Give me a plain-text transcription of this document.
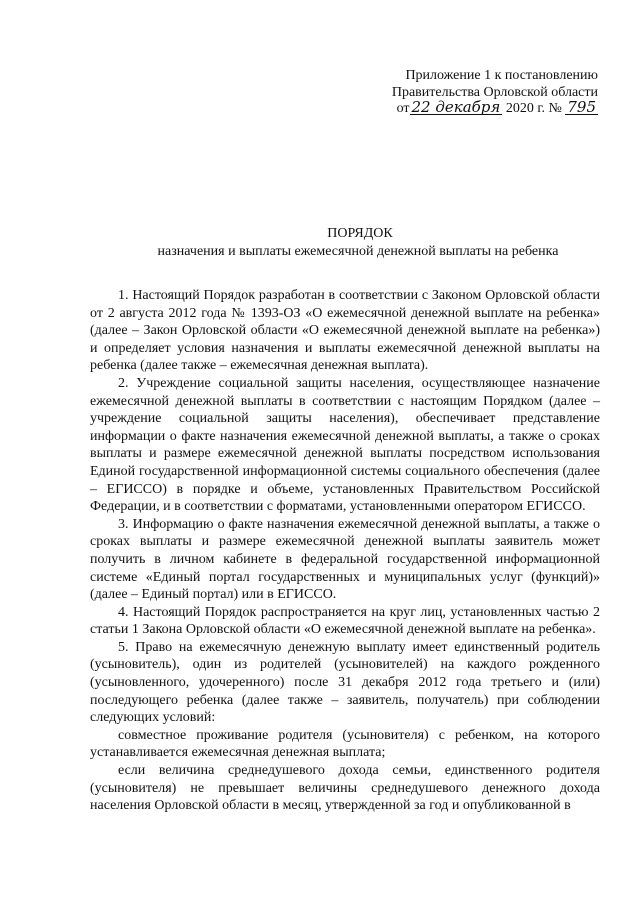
Приложение 1 к постановлению
Правительства Орловской области
от 22 декабря 2020 г. № 795
ПОРЯДОК
назначения и выплаты ежемесячной денежной выплаты на ребенка

1. Настоящий Порядок разработан в соответствии с Законом Орловской области от 2 августа 2012 года № 1393-ОЗ «О ежемесячной денежной выплате на ребенка» (далее – Закон Орловской области «О ежемесячной денежной выплате на ребенка») и определяет условия назначения и выплаты ежемесячной денежной выплаты на ребенка (далее также – ежемесячная денежная выплата).

2. Учреждение социальной защиты населения, осуществляющее назначение ежемесячной денежной выплаты в соответствии с настоящим Порядком (далее – учреждение социальной защиты населения), обеспечивает представление информации о факте назначения ежемесячной денежной выплаты, а также о сроках выплаты и размере ежемесячной денежной выплаты посредством использования Единой государственной информационной системы социального обеспечения (далее – ЕГИССО) в порядке и объеме, установленных Правительством Российской Федерации, и в соответствии с форматами, установленными оператором ЕГИССО.

3. Информацию о факте назначения ежемесячной денежной выплаты, а также о сроках выплаты и размере ежемесячной денежной выплаты заявитель может получить в личном кабинете в федеральной государственной информационной системе «Единый портал государственных и муниципальных услуг (функций)» (далее – Единый портал) или в ЕГИССО.

4. Настоящий Порядок распространяется на круг лиц, установленных частью 2 статьи 1 Закона Орловской области «О ежемесячной денежной выплате на ребенка».

5. Право на ежемесячную денежную выплату имеет единственный родитель (усыновитель), один из родителей (усыновителей) на каждого рожденного (усыновленного, удочеренного) после 31 декабря 2012 года третьего и (или) последующего ребенка (далее также – заявитель, получатель) при соблюдении следующих условий:

совместное проживание родителя (усыновителя) с ребенком, на которого устанавливается ежемесячная денежная выплата;

если величина среднедушевого дохода семьи, единственного родителя (усыновителя) не превышает величины среднедушевого денежного дохода населения Орловской области в месяц, утвержденной за год и опубликованной в
